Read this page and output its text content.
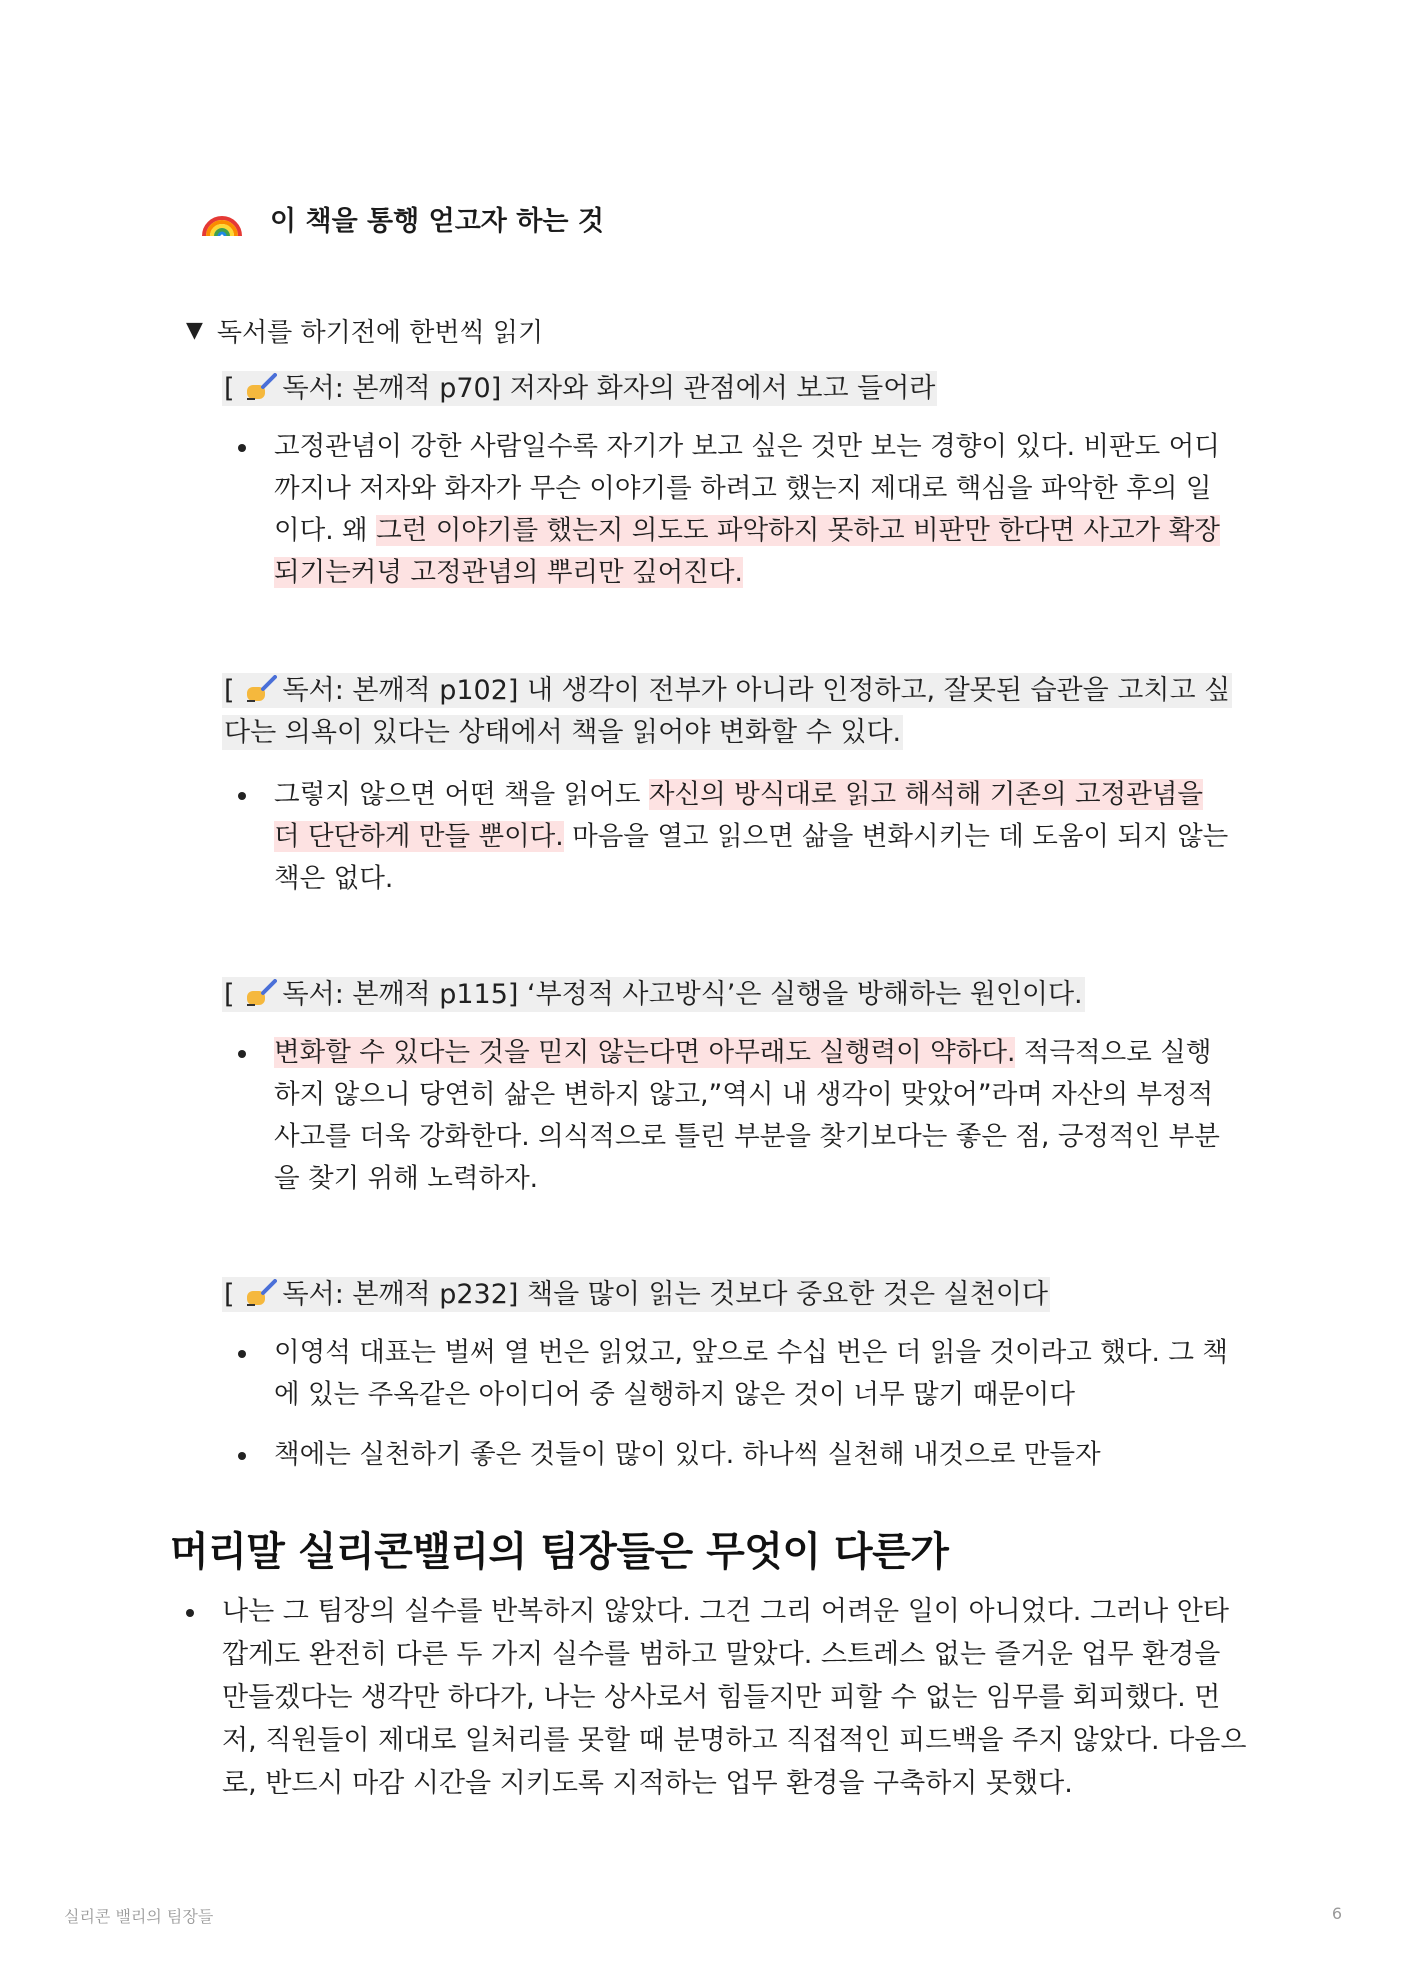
이 책을 통행 얻고자 하는 것
▼ 독서를 하기전에 한번씩 읽기
[ 독서: 본깨적 p70] 저자와 화자의 관점에서 보고 들어라
고정관념이 강한 사람일수록 자기가 보고 싶은 것만 보는 경향이 있다. 비판도 어디
까지나 저자와 화자가 무슨 이야기를 하려고 했는지 제대로 핵심을 파악한 후의 일
이다. 왜 그런 이야기를 했는지 의도도 파악하지 못하고 비판만 한다면 사고가 확장
되기는커녕 고정관념의 뿌리만 깊어진다.
[ 독서: 본깨적 p102] 내 생각이 전부가 아니라 인정하고, 잘못된 습관을 고치고 싶
다는 의욕이 있다는 상태에서 책을 읽어야 변화할 수 있다.
그렇지 않으면 어떤 책을 읽어도 자신의 방식대로 읽고 해석해 기존의 고정관념을
더 단단하게 만들 뿐이다. 마음을 열고 읽으면 삶을 변화시키는 데 도움이 되지 않는
책은 없다.
[ 독서: 본깨적 p115] ‘부정적 사고방식’은 실행을 방해하는 원인이다.
변화할 수 있다는 것을 믿지 않는다면 아무래도 실행력이 약하다. 적극적으로 실행
하지 않으니 당연히 삶은 변하지 않고,”역시 내 생각이 맞았어”라며 자산의 부정적
사고를 더욱 강화한다. 의식적으로 틀린 부분을 찾기보다는 좋은 점, 긍정적인 부분
을 찾기 위해 노력하자.
[ 독서: 본깨적 p232] 책을 많이 읽는 것보다 중요한 것은 실천이다
이영석 대표는 벌써 열 번은 읽었고, 앞으로 수십 번은 더 읽을 것이라고 했다. 그 책
에 있는 주옥같은 아이디어 중 실행하지 않은 것이 너무 많기 때문이다
책에는 실천하기 좋은 것들이 많이 있다. 하나씩 실천해 내것으로 만들자
머리말 실리콘밸리의 팀장들은 무엇이 다른가
나는 그 팀장의 실수를 반복하지 않았다. 그건 그리 어려운 일이 아니었다. 그러나 안타
깝게도 완전히 다른 두 가지 실수를 범하고 말았다. 스트레스 없는 즐거운 업무 환경을
만들겠다는 생각만 하다가, 나는 상사로서 힘들지만 피할 수 없는 임무를 회피했다. 먼
저, 직원들이 제대로 일처리를 못할 때 분명하고 직접적인 피드백을 주지 않았다. 다음으
로, 반드시 마감 시간을 지키도록 지적하는 업무 환경을 구축하지 못했다.
실리콘 밸리의 팀장들	6
